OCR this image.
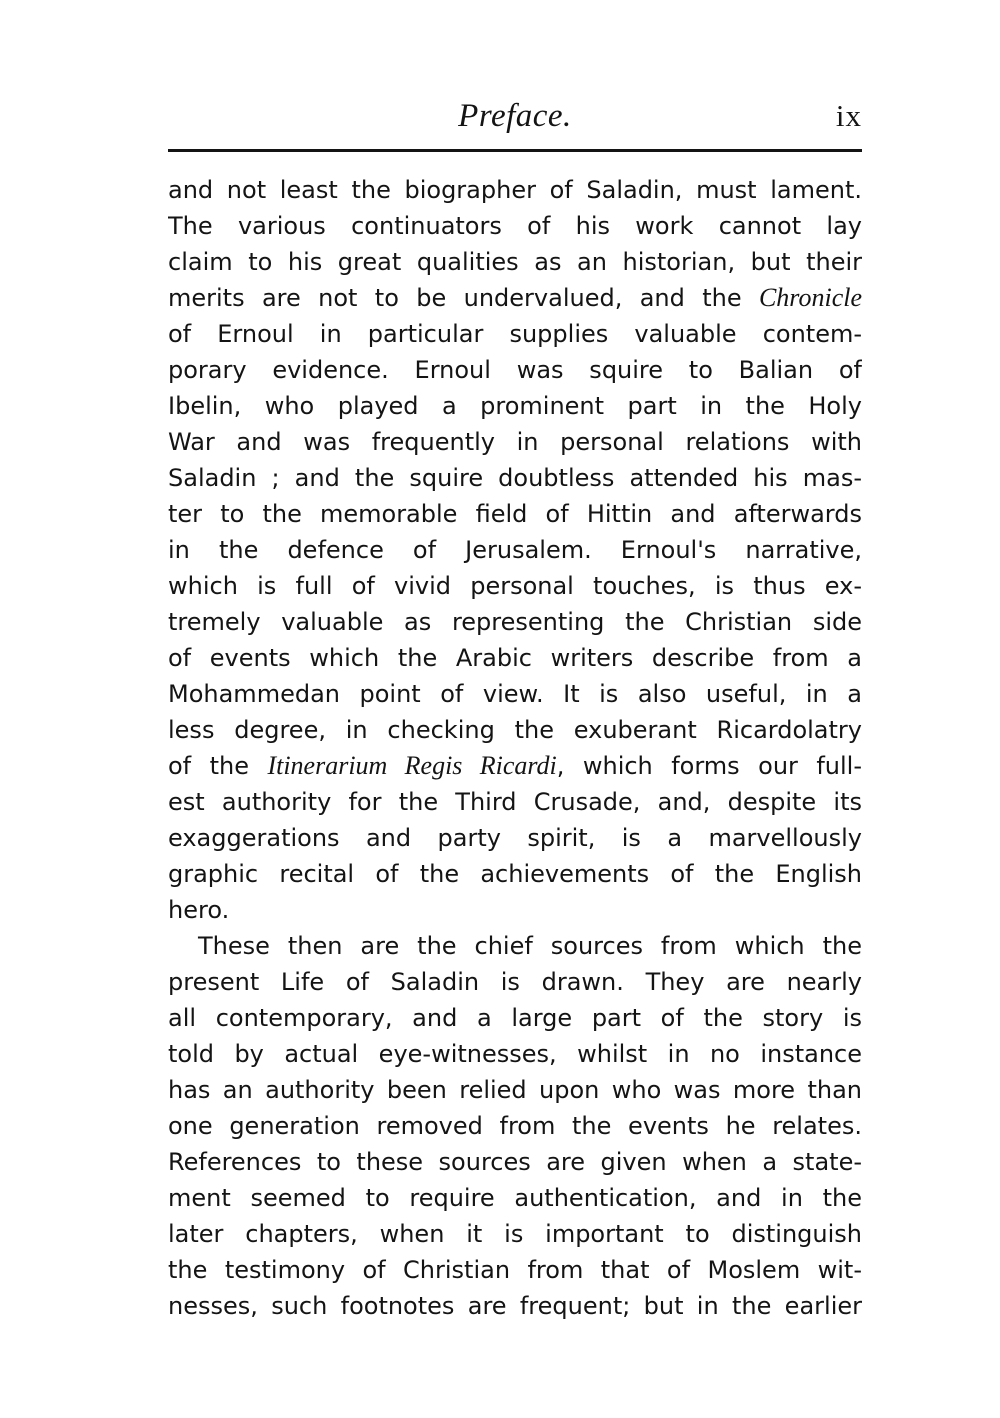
Preface.	ix
and not least the biographer of Saladin, must lament.
The various continuators of his work cannot lay
claim to his great qualities as an historian, but their
merits are not to be undervalued, and the Chronicle
of Ernoul in particular supplies valuable contem-
porary evidence. Ernoul was squire to Balian of
Ibelin, who played a prominent part in the Holy
War and was frequently in personal relations with
Saladin ; and the squire doubtless attended his mas-
ter to the memorable field of Hittin and afterwards
in the defence of Jerusalem. Ernoul's narrative,
which is full of vivid personal touches, is thus ex-
tremely valuable as representing the Christian side
of events which the Arabic writers describe from a
Mohammedan point of view. It is also useful, in a
less degree, in checking the exuberant Ricardolatry
of the Itinerarium Regis Ricardi, which forms our full-
est authority for the Third Crusade, and, despite its
exaggerations and party spirit, is a marvellously
graphic recital of the achievements of the English
hero.
These then are the chief sources from which the
present Life of Saladin is drawn. They are nearly
all contemporary, and a large part of the story is
told by actual eye-witnesses, whilst in no instance
has an authority been relied upon who was more than
one generation removed from the events he relates.
References to these sources are given when a state-
ment seemed to require authentication, and in the
later chapters, when it is important to distinguish
the testimony of Christian from that of Moslem wit-
nesses, such footnotes are frequent; but in the earlier
